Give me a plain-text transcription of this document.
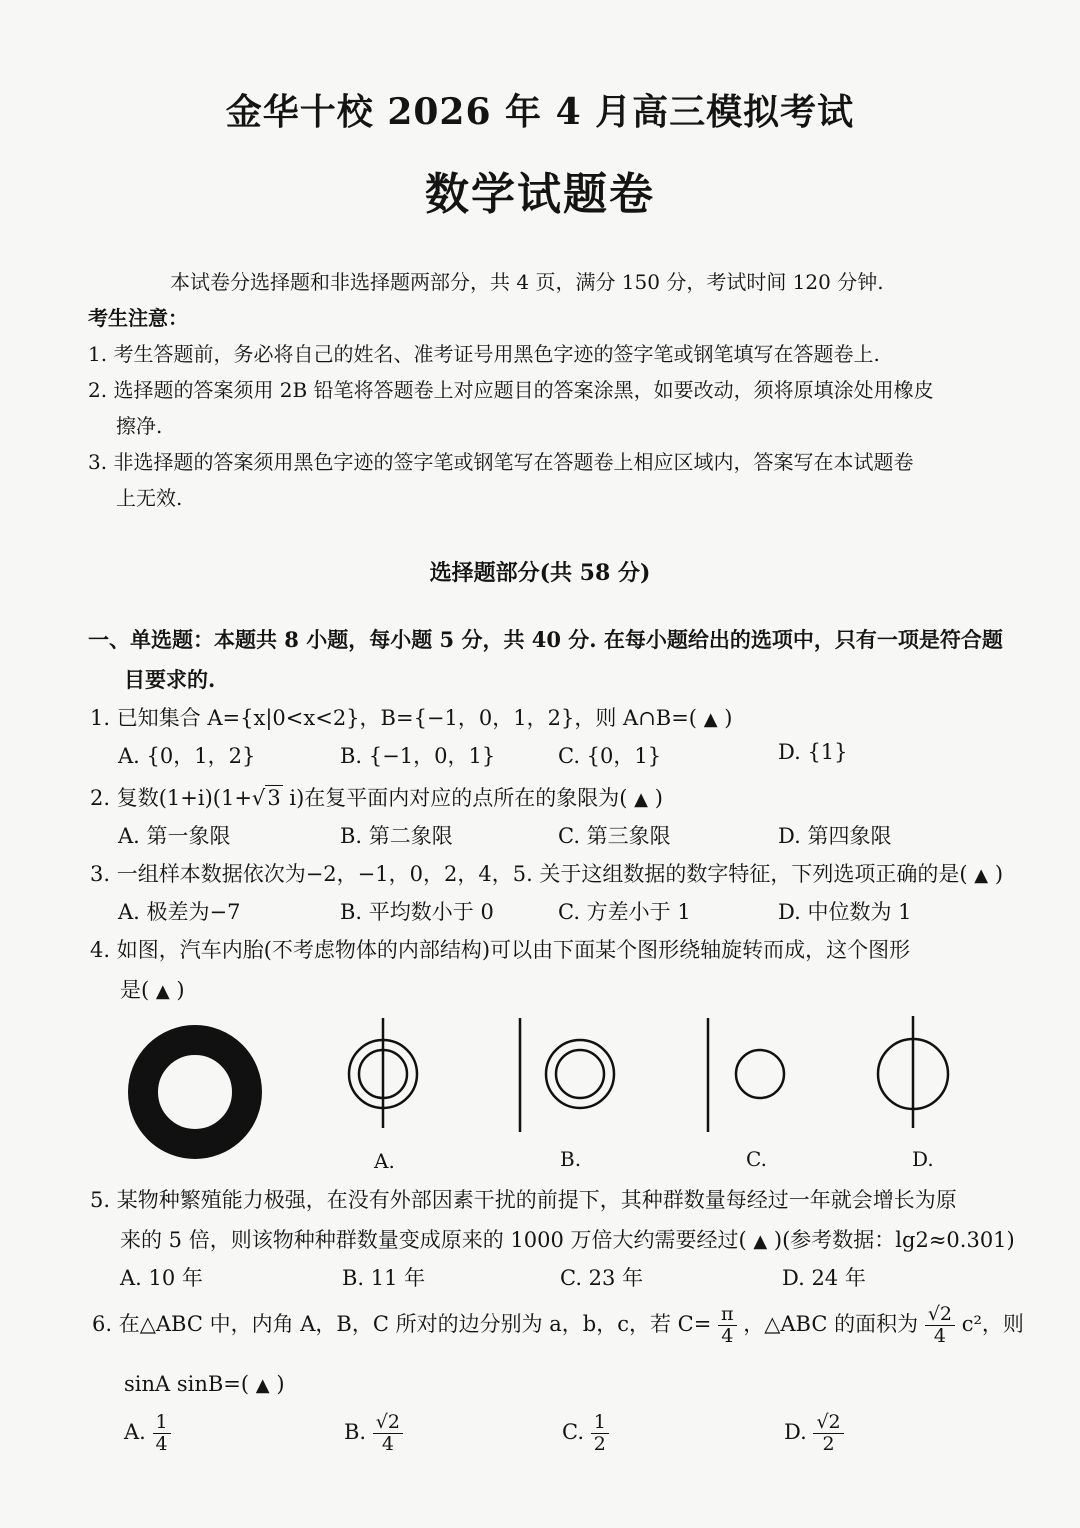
金华十校 2026 年 4 月高三模拟考试
数学试题卷
本试卷分选择题和非选择题两部分，共 4 页，满分 150 分，考试时间 120 分钟.
考生注意：
1. 考生答题前，务必将自己的姓名、准考证号用黑色字迹的签字笔或钢笔填写在答题卷上.
2. 选择题的答案须用 2B 铅笔将答题卷上对应题目的答案涂黑，如要改动，须将原填涂处用橡皮
擦净.
3. 非选择题的答案须用黑色字迹的签字笔或钢笔写在答题卷上相应区域内，答案写在本试题卷
上无效.
选择题部分(共 58 分)
一、单选题：本题共 8 小题，每小题 5 分，共 40 分. 在每小题给出的选项中，只有一项是符合题
目要求的.
1. 已知集合 A={x|0<x<2}，B={−1，0，1，2}，则 A∩B=( ▲ )
A. {0，1，2}	B. {−1，0，1}	C. {0，1}	D. {1}
2. 复数(1+i)(1+√3 i)在复平面内对应的点所在的象限为( ▲ )
A. 第一象限	B. 第二象限	C. 第三象限	D. 第四象限
3. 一组样本数据依次为−2，−1，0，2，4，5. 关于这组数据的数字特征，下列选项正确的是( ▲ )
A. 极差为−7	B. 平均数小于 0	C. 方差小于 1	D. 中位数为 1
4. 如图，汽车内胎(不考虑物体的内部结构)可以由下面某个图形绕轴旋转而成，这个图形
是( ▲ )
A.	B.	C.	D.
5. 某物种繁殖能力极强，在没有外部因素干扰的前提下，其种群数量每经过一年就会增长为原
来的 5 倍，则该物种种群数量变成原来的 1000 万倍大约需要经过( ▲ )(参考数据：lg2≈0.301)
A. 10 年	B. 11 年	C. 23 年	D. 24 年
6. 在△ABC 中，内角 A，B，C 所对的边分别为 a，b，c，若 $C= \frac{\pi}{4}$ ，△ABC 的面积为 $\frac{√2}{4} c^2$，则
sinA sinB=( ▲ )
A. $\frac{1}{4}$	B. $\frac{√2}{4}$	C. $\frac{1}{2}$	D. $\frac{√2}{2}$
